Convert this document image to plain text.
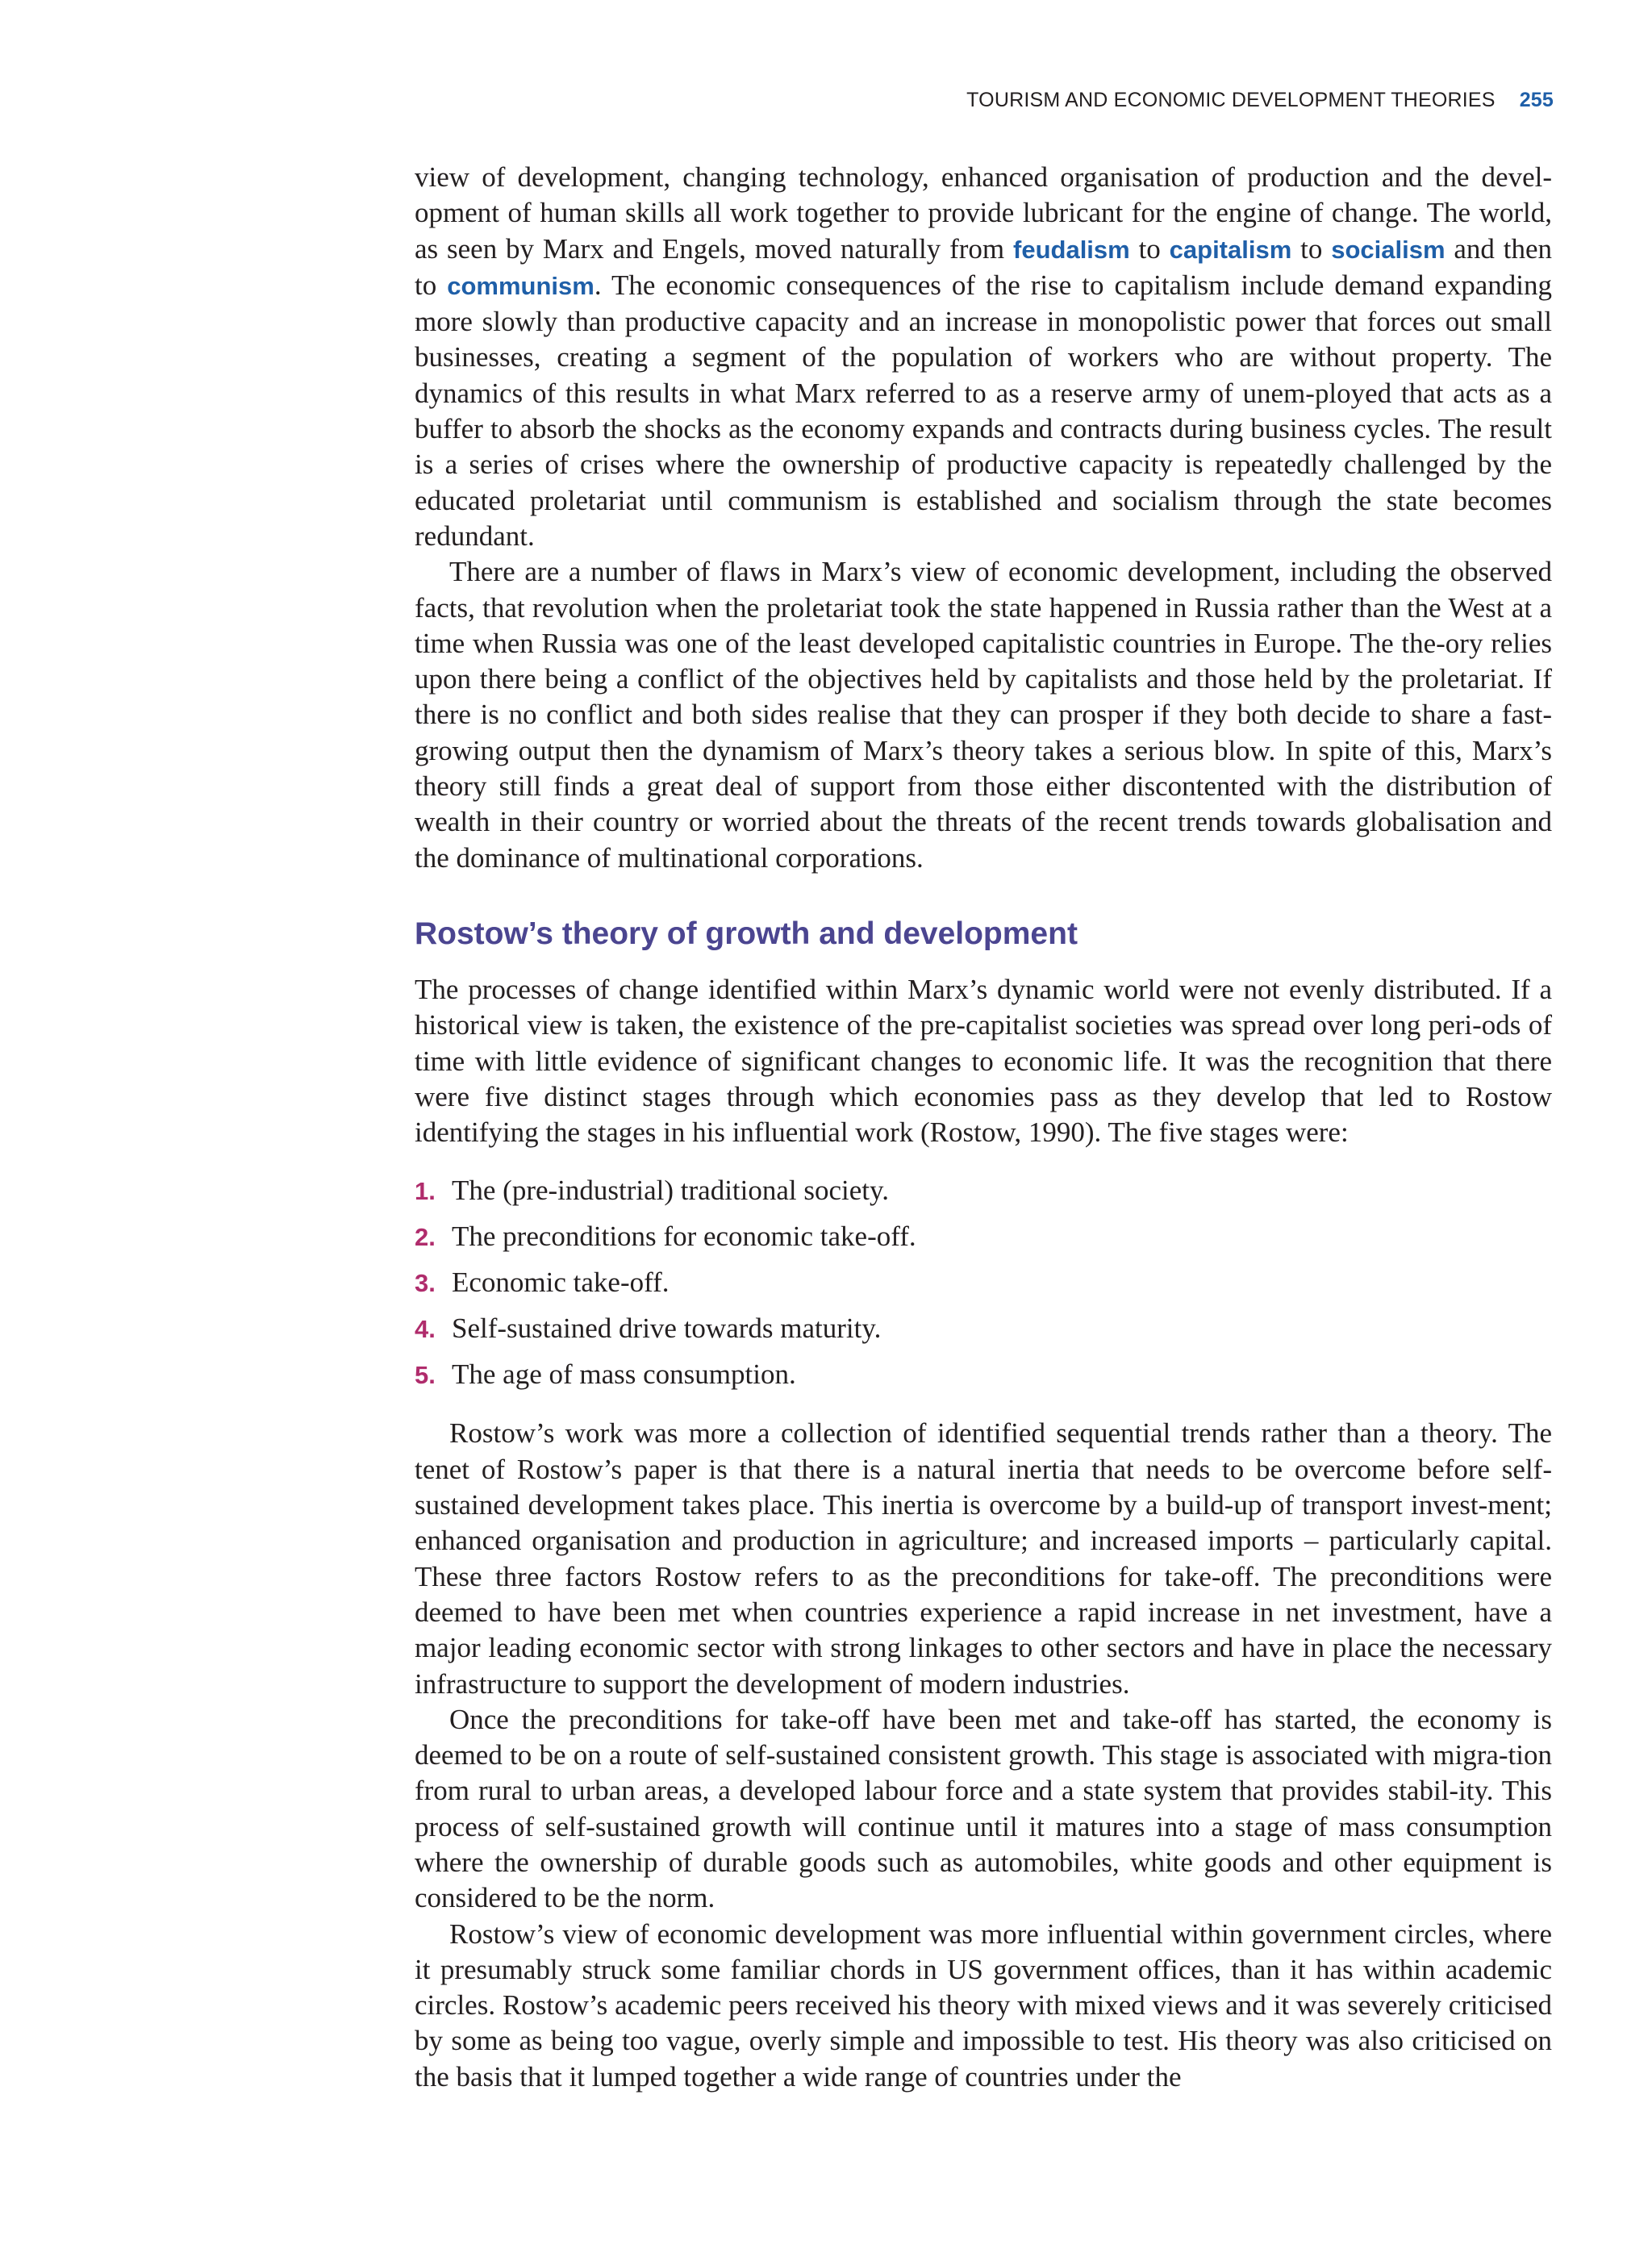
TOURISM AND ECONOMIC DEVELOPMENT THEORIES 255

view of development, changing technology, enhanced organisation of production and the devel-opment of human skills all work together to provide lubricant for the engine of change. The world, as seen by Marx and Engels, moved naturally from feudalism to capitalism to socialism and then to communism. The economic consequences of the rise to capitalism include demand expanding more slowly than productive capacity and an increase in monopolistic power that forces out small businesses, creating a segment of the population of workers who are without property. The dynamics of this results in what Marx referred to as a reserve army of unem-ployed that acts as a buffer to absorb the shocks as the economy expands and contracts during business cycles. The result is a series of crises where the ownership of productive capacity is repeatedly challenged by the educated proletariat until communism is established and socialism through the state becomes redundant.

There are a number of flaws in Marx’s view of economic development, including the observed facts, that revolution when the proletariat took the state happened in Russia rather than the West at a time when Russia was one of the least developed capitalistic countries in Europe. The the-ory relies upon there being a conflict of the objectives held by capitalists and those held by the proletariat. If there is no conflict and both sides realise that they can prosper if they both decide to share a fast-growing output then the dynamism of Marx’s theory takes a serious blow. In spite of this, Marx’s theory still finds a great deal of support from those either discontented with the distribution of wealth in their country or worried about the threats of the recent trends towards globalisation and the dominance of multinational corporations.

Rostow’s theory of growth and development

The processes of change identified within Marx’s dynamic world were not evenly distributed. If a historical view is taken, the existence of the pre-capitalist societies was spread over long peri-ods of time with little evidence of significant changes to economic life. It was the recognition that there were five distinct stages through which economies pass as they develop that led to Rostow identifying the stages in his influential work (Rostow, 1990). The five stages were:

1. The (pre-industrial) traditional society.
2. The preconditions for economic take-off.
3. Economic take-off.
4. Self-sustained drive towards maturity.
5. The age of mass consumption.

Rostow’s work was more a collection of identified sequential trends rather than a theory. The tenet of Rostow’s paper is that there is a natural inertia that needs to be overcome before self-sustained development takes place. This inertia is overcome by a build-up of transport invest-ment; enhanced organisation and production in agriculture; and increased imports – particularly capital. These three factors Rostow refers to as the preconditions for take-off. The preconditions were deemed to have been met when countries experience a rapid increase in net investment, have a major leading economic sector with strong linkages to other sectors and have in place the necessary infrastructure to support the development of modern industries.

Once the preconditions for take-off have been met and take-off has started, the economy is deemed to be on a route of self-sustained consistent growth. This stage is associated with migra-tion from rural to urban areas, a developed labour force and a state system that provides stabil-ity. This process of self-sustained growth will continue until it matures into a stage of mass consumption where the ownership of durable goods such as automobiles, white goods and other equipment is considered to be the norm.

Rostow’s view of economic development was more influential within government circles, where it presumably struck some familiar chords in US government offices, than it has within academic circles. Rostow’s academic peers received his theory with mixed views and it was severely criticised by some as being too vague, overly simple and impossible to test. His theory was also criticised on the basis that it lumped together a wide range of countries under the
